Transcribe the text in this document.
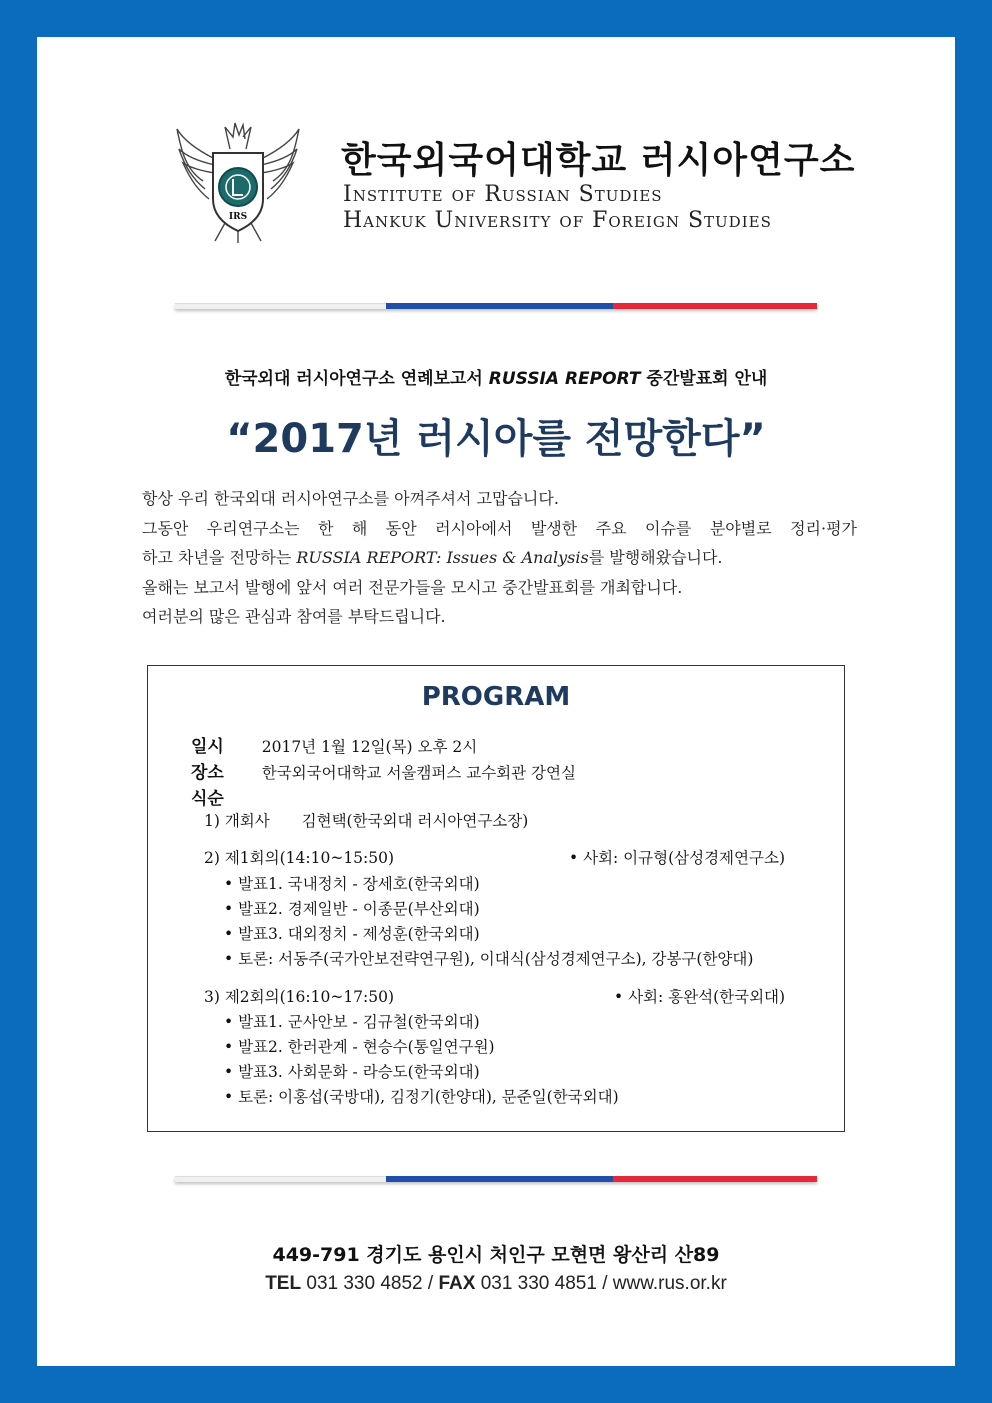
IRS
한국외국어대학교 러시아연구소
Institute of Russian Studies
Hankuk University of Foreign Studies
한국외대 러시아연구소 연례보고서 RUSSIA REPORT 중간발표회 안내
“2017년 러시아를 전망한다”

항상 우리 한국외대 러시아연구소를 아껴주셔서 고맙습니다.

그동안 우리연구소는 한 해 동안 러시아에서 발생한 주요 이슈를 분야별로 정리·평가

하고 차년을 전망하는 RUSSIA REPORT: Issues & Analysis를 발행해왔습니다.

올해는 보고서 발행에 앞서 여러 전문가들을 모시고 중간발표회를 개최합니다.

여러분의 많은 관심과 참여를 부탁드립니다.

PROGRAM
일시 2017년 1월 12일(목) 오후 2시
장소 한국외국어대학교 서울캠퍼스 교수회관 강연실
식순
1) 개회사 김현택(한국외대 러시아연구소장)
2) 제1회의(14:10~15:50)	• 사회: 이규형(삼성경제연구소)
• 발표1. 국내정치 - 장세호(한국외대)
• 발표2. 경제일반 - 이종문(부산외대)
• 발표3. 대외정치 - 제성훈(한국외대)
• 토론: 서동주(국가안보전략연구원), 이대식(삼성경제연구소), 강봉구(한양대)
3) 제2회의(16:10~17:50)	• 사회: 홍완석(한국외대)
• 발표1. 군사안보 - 김규철(한국외대)
• 발표2. 한러관계 - 현승수(통일연구원)
• 발표3. 사회문화 - 라승도(한국외대)
• 토론: 이홍섭(국방대), 김정기(한양대), 문준일(한국외대)
449-791 경기도 용인시 처인구 모현면 왕산리 산89
TEL 031 330 4852 / FAX 031 330 4851 / www.rus.or.kr
